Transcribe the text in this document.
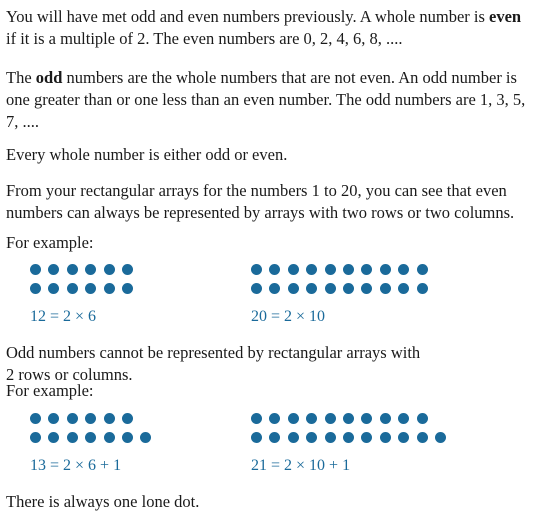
You will have met odd and even numbers previously. A whole number is even if it is a multiple of 2. The even numbers are 0, 2, 4, 6, 8, ....

The odd numbers are the whole numbers that are not even. An odd number is one greater than or one less than an even number. The odd numbers are 1, 3, 5, 7, ....

Every whole number is either odd or even.

From your rectangular arrays for the numbers 1 to 20, you can see that even numbers can always be represented by arrays with two rows or two columns.

For example:

12 = 2 × 6	20 = 2 × 10

Odd numbers cannot be represented by rectangular arrays with
2 rows or columns.

For example:

13 = 2 × 6 + 1	21 = 2 × 10 + 1

There is always one lone dot.
